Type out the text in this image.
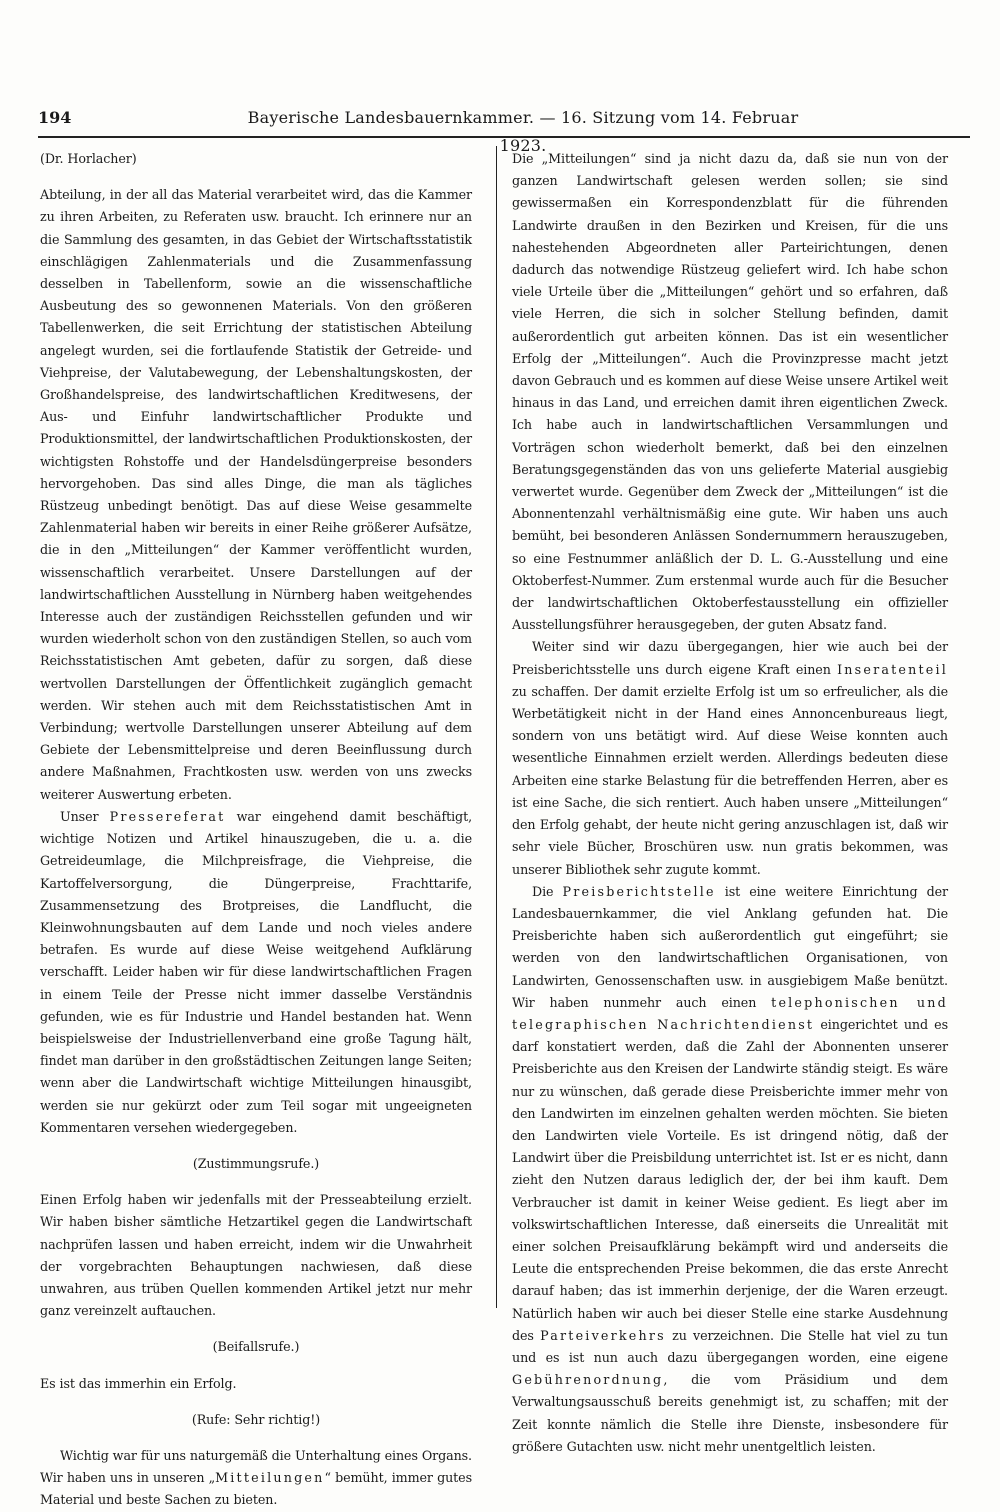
194	Bayerische Landesbauernkammer. — 16. Sitzung vom 14. Februar 1923.

(Dr. Horlacher)

Abteilung, in der all das Material verarbeitet wird, das die Kammer zu ihren Arbeiten, zu Referaten usw. braucht. Ich erinnere nur an die Sammlung des gesamten, in das Gebiet der Wirtschaftsstatistik einschlägigen Zahlenmaterials und die Zusammenfassung desselben in Tabellenform, sowie an die wissenschaftliche Ausbeutung des so gewonnenen Materials. Von den größeren Tabellenwerken, die seit Errichtung der statistischen Abteilung angelegt wurden, sei die fortlaufende Statistik der Getreide- und Viehpreise, der Valutabewegung, der Lebenshaltungskosten, der Großhandelspreise, des landwirtschaftlichen Kreditwesens, der Aus- und Einfuhr landwirtschaftlicher Produkte und Produktionsmittel, der landwirtschaftlichen Produktionskosten, der wichtigsten Rohstoffe und der Handelsdüngerpreise besonders hervorgehoben. Das sind alles Dinge, die man als tägliches Rüstzeug unbedingt benötigt. Das auf diese Weise gesammelte Zahlenmaterial haben wir bereits in einer Reihe größerer Aufsätze, die in den „Mitteilungen“ der Kammer veröffentlicht wurden, wissenschaftlich verarbeitet. Unsere Darstellungen auf der landwirtschaftlichen Ausstellung in Nürnberg haben weitgehendes Interesse auch der zuständigen Reichsstellen gefunden und wir wurden wiederholt schon von den zuständigen Stellen, so auch vom Reichsstatistischen Amt gebeten, dafür zu sorgen, daß diese wertvollen Darstellungen der Öffentlichkeit zugänglich gemacht werden. Wir stehen auch mit dem Reichsstatistischen Amt in Verbindung; wertvolle Darstellungen unserer Abteilung auf dem Gebiete der Lebensmittelpreise und deren Beeinflussung durch andere Maßnahmen, Frachtkosten usw. werden von uns zwecks weiterer Auswertung erbeten.

Unser Pressereferat war eingehend damit beschäftigt, wichtige Notizen und Artikel hinauszugeben, die u. a. die Getreideumlage, die Milchpreisfrage, die Viehpreise, die Kartoffelversorgung, die Düngerpreise, Frachttarife, Zusammensetzung des Brotpreises, die Landflucht, die Kleinwohnungsbauten auf dem Lande und noch vieles andere betrafen. Es wurde auf diese Weise weitgehend Aufklärung verschafft. Leider haben wir für diese landwirtschaftlichen Fragen in einem Teile der Presse nicht immer dasselbe Verständnis gefunden, wie es für Industrie und Handel bestanden hat. Wenn beispielsweise der Industriellenverband eine große Tagung hält, findet man darüber in den großstädtischen Zeitungen lange Seiten; wenn aber die Landwirtschaft wichtige Mitteilungen hinausgibt, werden sie nur gekürzt oder zum Teil sogar mit ungeeigneten Kommentaren versehen wiedergegeben.

(Zustimmungsrufe.)

Einen Erfolg haben wir jedenfalls mit der Presseabteilung erzielt. Wir haben bisher sämtliche Hetzartikel gegen die Landwirtschaft nachprüfen lassen und haben erreicht, indem wir die Unwahrheit der vorgebrachten Behauptungen nachwiesen, daß diese unwahren, aus trüben Quellen kommenden Artikel jetzt nur mehr ganz vereinzelt auftauchen.

(Beifallsrufe.)

Es ist das immerhin ein Erfolg.

(Rufe: Sehr richtig!)

Wichtig war für uns naturgemäß die Unterhaltung eines Organs. Wir haben uns in unseren „Mitteilungen“ bemüht, immer gutes Material und beste Sachen zu bieten.

Die „Mitteilungen“ sind ja nicht dazu da, daß sie nun von der ganzen Landwirtschaft gelesen werden sollen; sie sind gewissermaßen ein Korrespondenzblatt für die führenden Landwirte draußen in den Bezirken und Kreisen, für die uns nahestehenden Abgeordneten aller Parteirichtungen, denen dadurch das notwendige Rüstzeug geliefert wird. Ich habe schon viele Urteile über die „Mitteilungen“ gehört und so erfahren, daß viele Herren, die sich in solcher Stellung befinden, damit außerordentlich gut arbeiten können. Das ist ein wesentlicher Erfolg der „Mitteilungen“. Auch die Provinzpresse macht jetzt davon Gebrauch und es kommen auf diese Weise unsere Artikel weit hinaus in das Land, und erreichen damit ihren eigentlichen Zweck. Ich habe auch in landwirtschaftlichen Versammlungen und Vorträgen schon wiederholt bemerkt, daß bei den einzelnen Beratungsgegenständen das von uns gelieferte Material ausgiebig verwertet wurde. Gegenüber dem Zweck der „Mitteilungen“ ist die Abonnentenzahl verhältnismäßig eine gute. Wir haben uns auch bemüht, bei besonderen Anlässen Sondernummern herauszugeben, so eine Festnummer anläßlich der D. L. G.-Ausstellung und eine Oktoberfest-Nummer. Zum erstenmal wurde auch für die Besucher der landwirtschaftlichen Oktoberfestausstellung ein offizieller Ausstellungsführer herausgegeben, der guten Absatz fand.

Weiter sind wir dazu übergegangen, hier wie auch bei der Preisberichtsstelle uns durch eigene Kraft einen Inseratenteil zu schaffen. Der damit erzielte Erfolg ist um so erfreulicher, als die Werbetätigkeit nicht in der Hand eines Annoncenbureaus liegt, sondern von uns betätigt wird. Auf diese Weise konnten auch wesentliche Einnahmen erzielt werden. Allerdings bedeuten diese Arbeiten eine starke Belastung für die betreffenden Herren, aber es ist eine Sache, die sich rentiert. Auch haben unsere „Mitteilungen“ den Erfolg gehabt, der heute nicht gering anzuschlagen ist, daß wir sehr viele Bücher, Broschüren usw. nun gratis bekommen, was unserer Bibliothek sehr zugute kommt.

Die Preisberichtstelle ist eine weitere Einrichtung der Landesbauernkammer, die viel Anklang gefunden hat. Die Preisberichte haben sich außerordentlich gut eingeführt; sie werden von den landwirtschaftlichen Organisationen, von Landwirten, Genossenschaften usw. in ausgiebigem Maße benützt. Wir haben nunmehr auch einen telephonischen und telegraphischen Nachrichtendienst eingerichtet und es darf konstatiert werden, daß die Zahl der Abonnenten unserer Preisberichte aus den Kreisen der Landwirte ständig steigt. Es wäre nur zu wünschen, daß gerade diese Preisberichte immer mehr von den Landwirten im einzelnen gehalten werden möchten. Sie bieten den Landwirten viele Vorteile. Es ist dringend nötig, daß der Landwirt über die Preisbildung unterrichtet ist. Ist er es nicht, dann zieht den Nutzen daraus lediglich der, der bei ihm kauft. Dem Verbraucher ist damit in keiner Weise gedient. Es liegt aber im volkswirtschaftlichen Interesse, daß einerseits die Unrealität mit einer solchen Preisaufklärung bekämpft wird und anderseits die Leute die entsprechenden Preise bekommen, die das erste Anrecht darauf haben; das ist immerhin derjenige, der die Waren erzeugt. Natürlich haben wir auch bei dieser Stelle eine starke Ausdehnung des Parteiverkehrs zu verzeichnen. Die Stelle hat viel zu tun und es ist nun auch dazu übergegangen worden, eine eigene Gebührenordnung, die vom Präsidium und dem Verwaltungsausschuß bereits genehmigt ist, zu schaffen; mit der Zeit konnte nämlich die Stelle ihre Dienste, insbesondere für größere Gutachten usw. nicht mehr unentgeltlich leisten.
